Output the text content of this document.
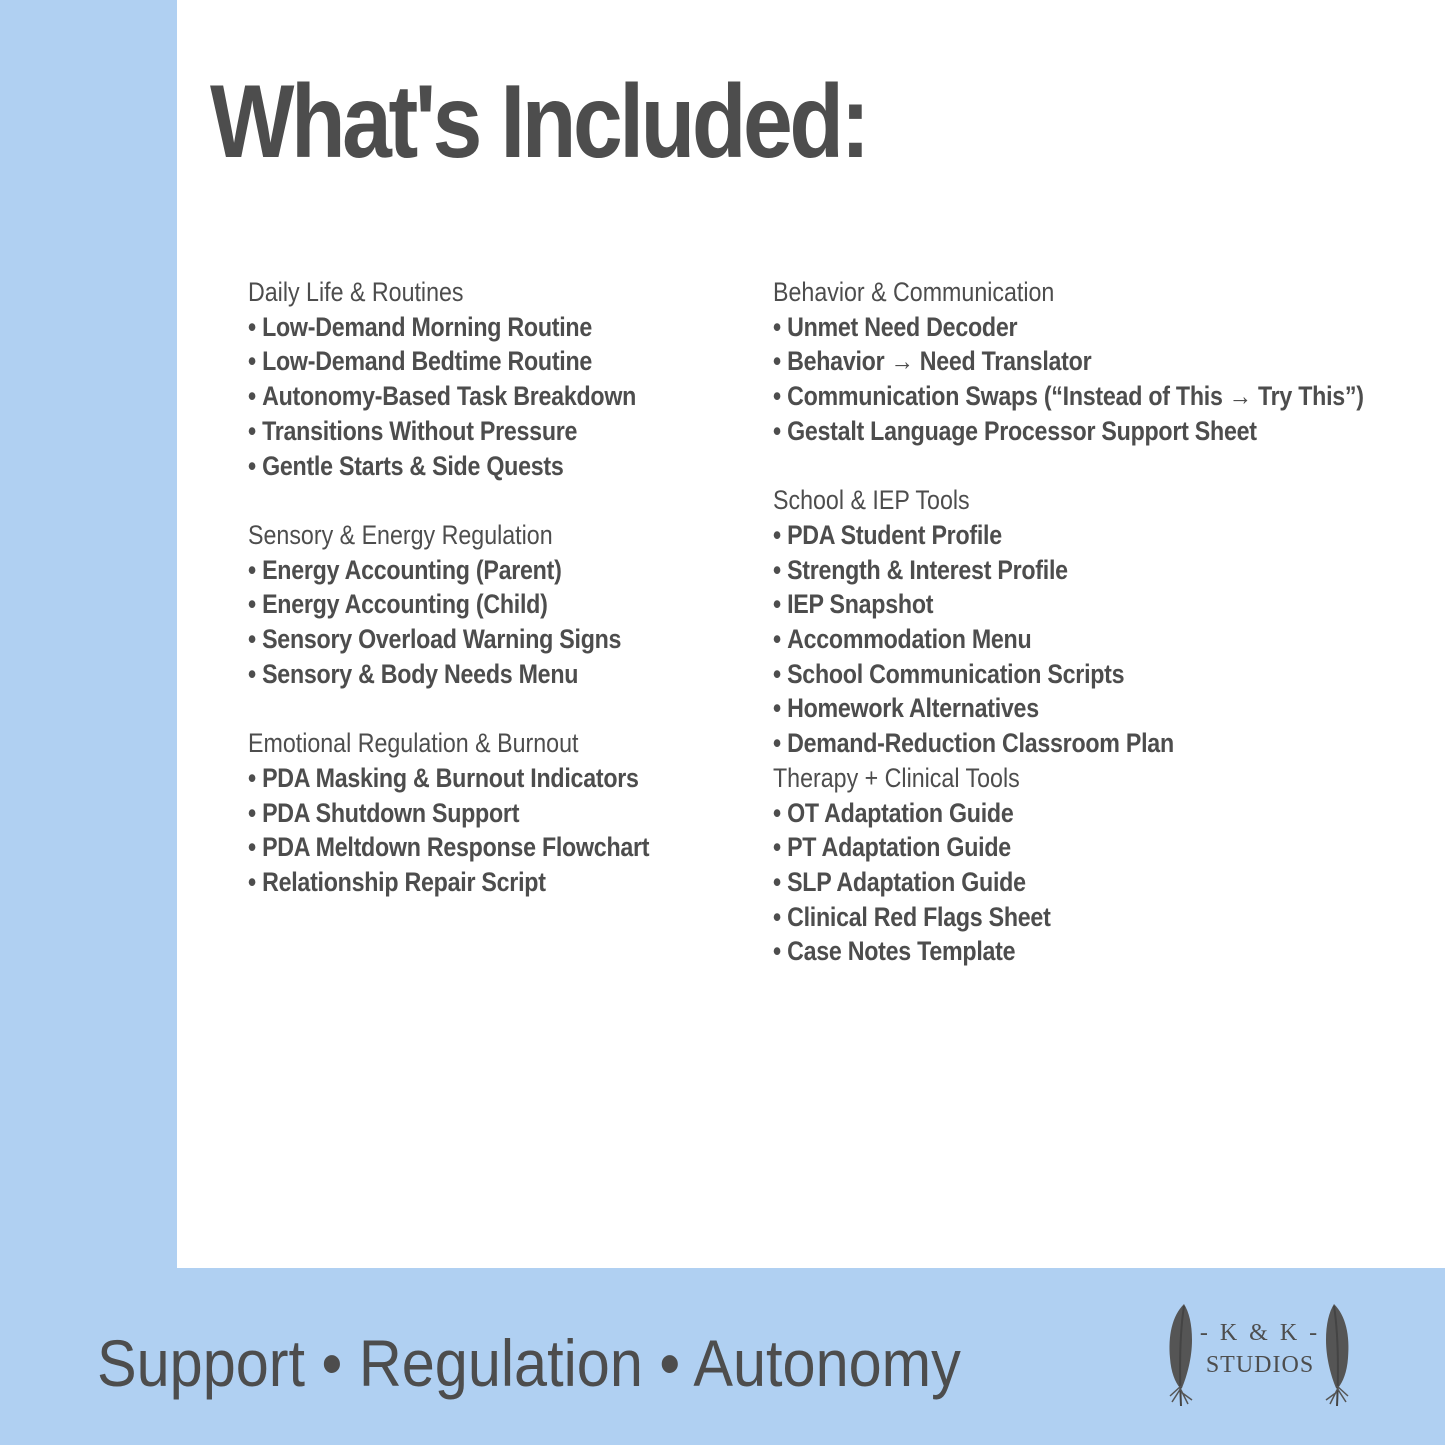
What's Included:
Daily Life & Routines
• Low-Demand Morning Routine
• Low-Demand Bedtime Routine
• Autonomy-Based Task Breakdown
• Transitions Without Pressure
• Gentle Starts & Side Quests
Sensory & Energy Regulation
• Energy Accounting (Parent)
• Energy Accounting (Child)
• Sensory Overload Warning Signs
• Sensory & Body Needs Menu
Emotional Regulation & Burnout
• PDA Masking & Burnout Indicators
• PDA Shutdown Support
• PDA Meltdown Response Flowchart
• Relationship Repair Script
Behavior & Communication
• Unmet Need Decoder
• Behavior → Need Translator
• Communication Swaps (“Instead of This → Try This”)
• Gestalt Language Processor Support Sheet
School & IEP Tools
• PDA Student Profile
• Strength & Interest Profile
• IEP Snapshot
• Accommodation Menu
• School Communication Scripts
• Homework Alternatives
• Demand-Reduction Classroom Plan
Therapy + Clinical Tools
• OT Adaptation Guide
• PT Adaptation Guide
• SLP Adaptation Guide
• Clinical Red Flags Sheet
• Case Notes Template
Support • Regulation • Autonomy	- K & K -
STUDIOS
